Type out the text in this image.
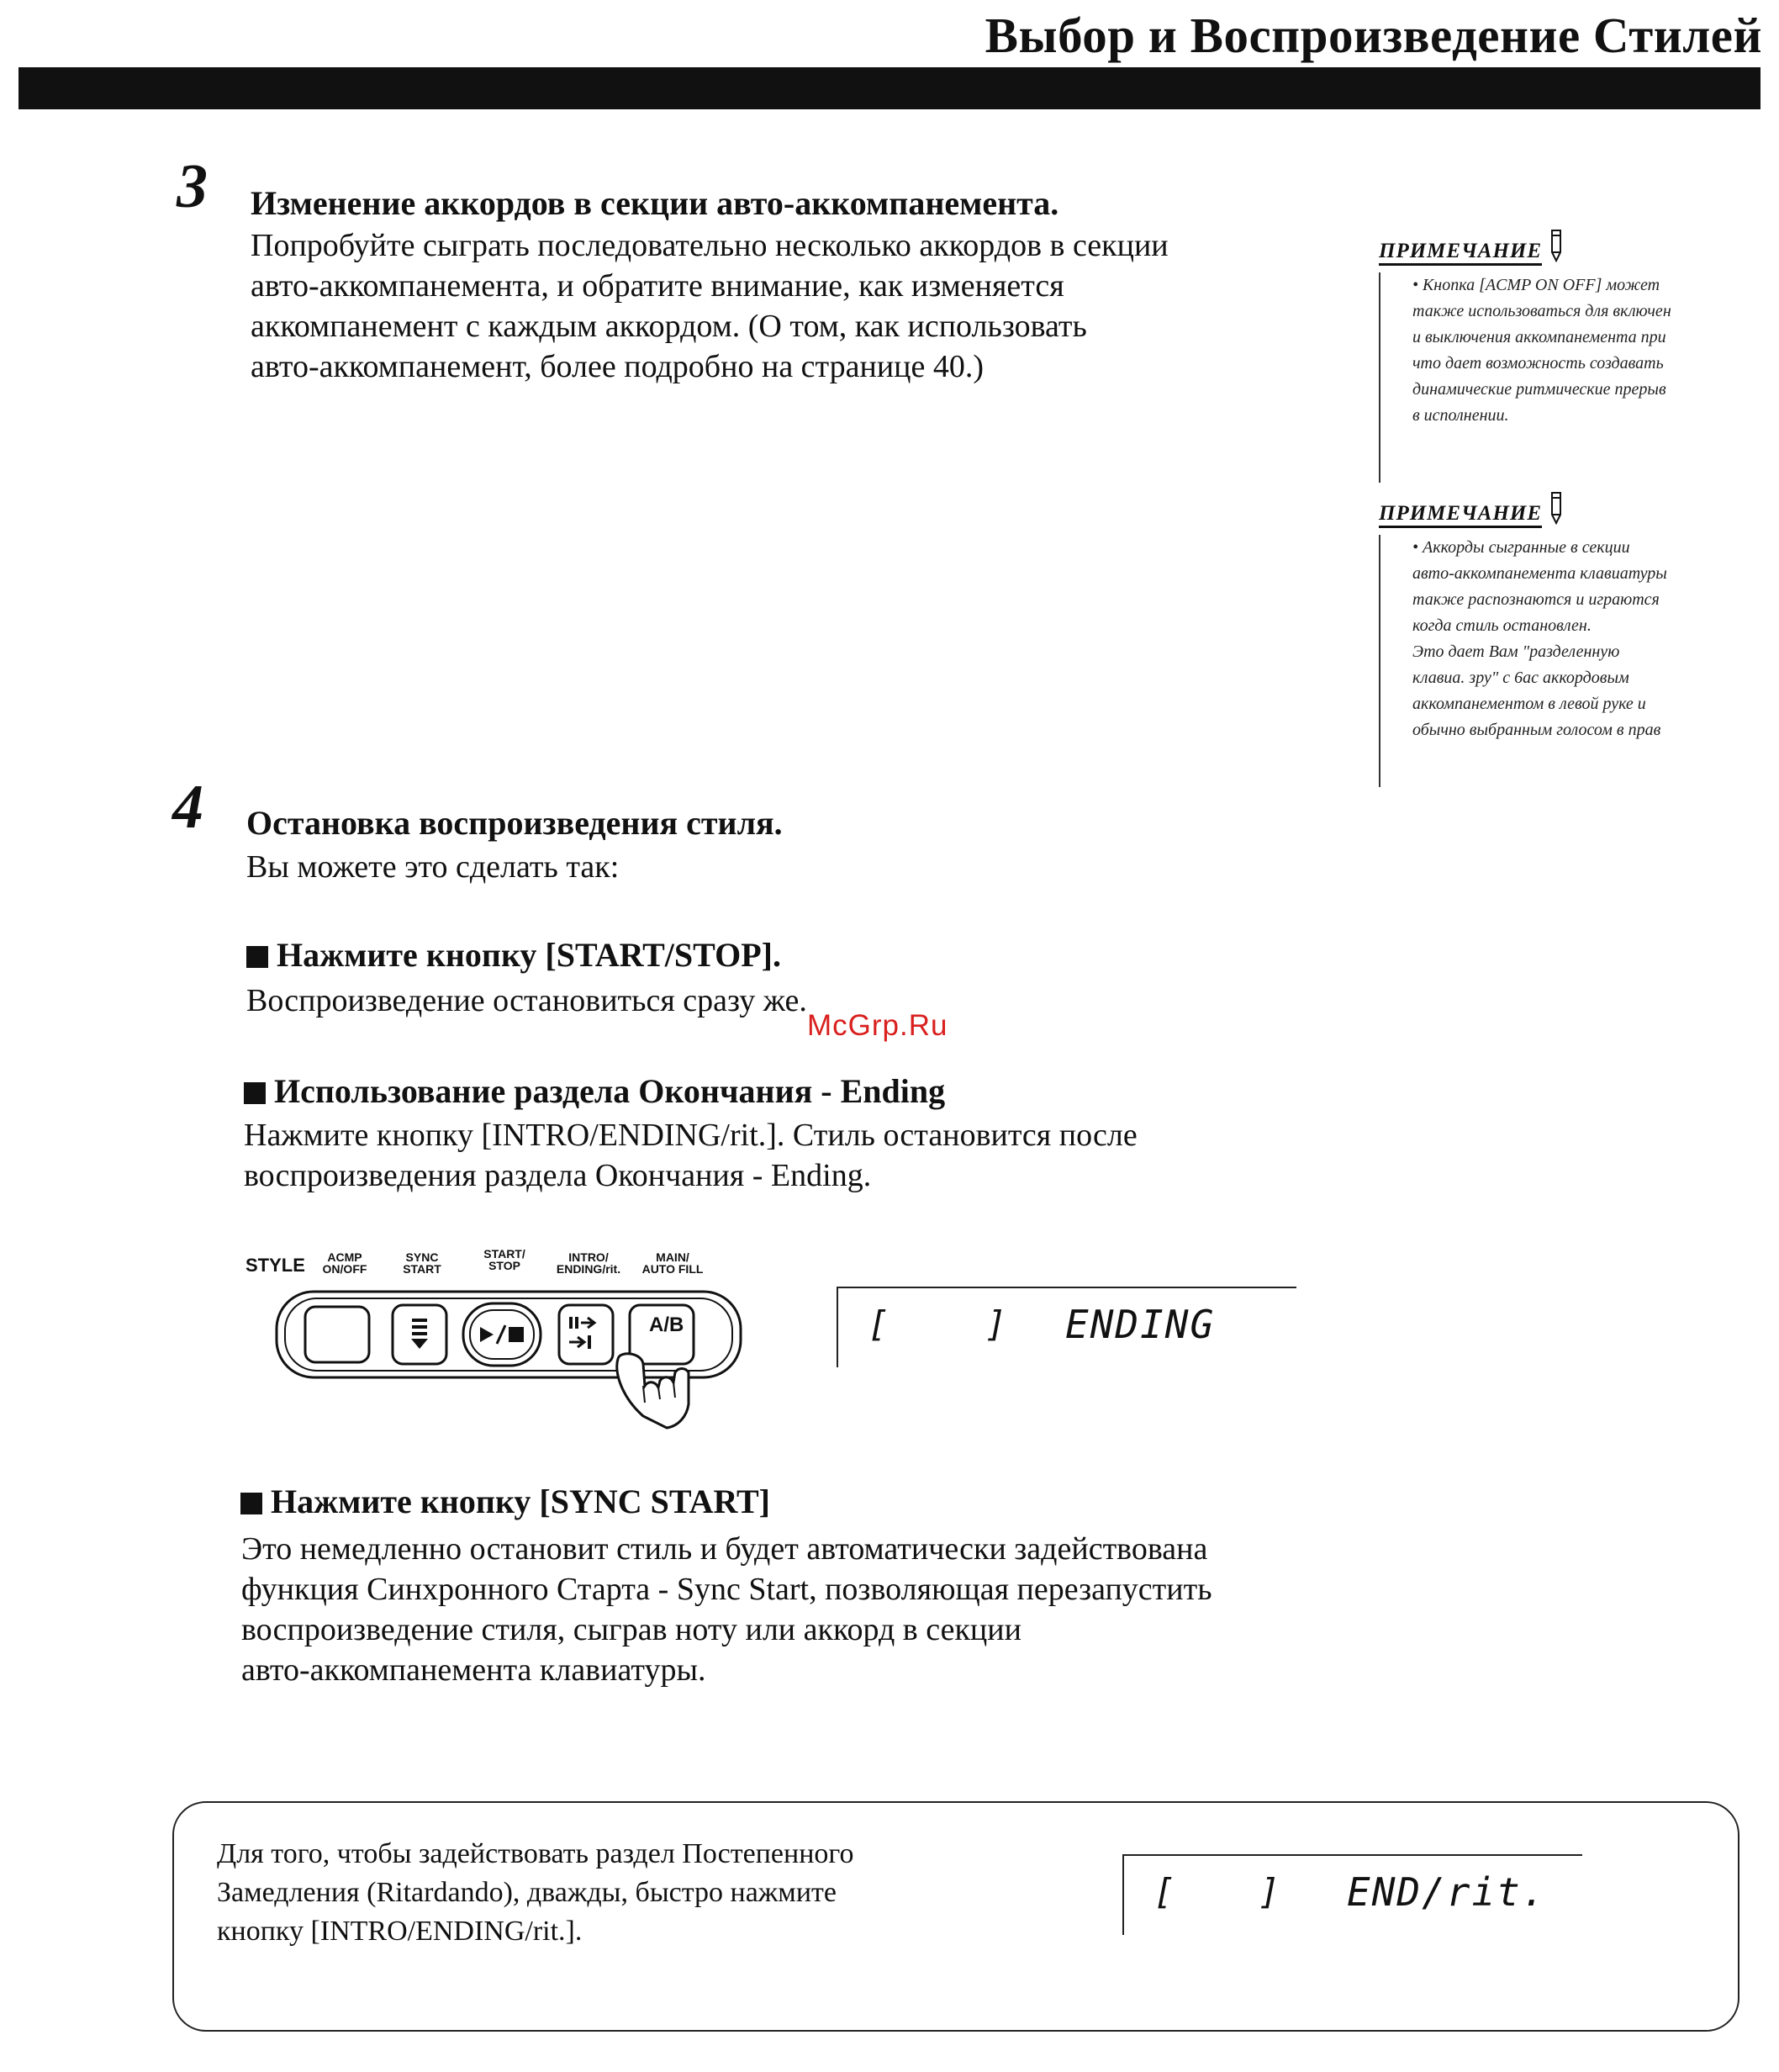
Выбор и Воспроизведение Стилей
3 Изменение аккордов в секции авто-аккомпанемента.
Попробуйте сыграть последовательно несколько аккордов в секции
авто-аккомпанемента, и обратите внимание, как изменяется
аккомпанемент с каждым аккордом. (О том, как использовать
авто-аккомпанемент, более подробно на странице 40.)
ПРИМЕЧАНИЕ
• Кнопка [ACMP ON OFF] может
также использоваться для включен
и выключения аккомпанемента при
что дает возможность создавать
динамические ритмические прерыв
в исполнении.
ПРИМЕЧАНИЕ
• Аккорды сыгранные в секции
авто-аккомпанемента клавиатуры
также распознаются и играются
когда стиль остановлен.
Это дает Вам "разделенную
клавиа. зру" с 6ас аккордовым
аккомпанементом в левой руке и
обычно выбранным голосом в прав
4 Остановка воспроизведения стиля.
Вы можете это сделать так:
Нажмите кнопку [START/STOP].
Воспроизведение остановиться сразу же.
McGrp.Ru
Использование раздела Окончания - Ending
Нажмите кнопку [INTRO/ENDING/rit.]. Стиль остановится после
воспроизведения раздела Окончания - Ending.
STYLE	ACMP
ON/OFF
SYNC
START
START/
STOP
INTRO/
ENDING/rit.
MAIN/
AUTO FILL
A/B	[	] ENDING
Нажмите кнопку [SYNC START]
Это немедленно остановит стиль и будет автоматически задействована
функция Синхронного Старта - Sync Start, позволяющая перезапустить
воспроизведение стиля, сыграв ноту или аккорд в секции
авто-аккомпанемента клавиатуры.
Для того, чтобы задействовать раздел Постепенного
Замедления (Ritardando), дважды, быстро нажмите
кнопку [INTRO/ENDING/rit.].
[ ] END/rit.
